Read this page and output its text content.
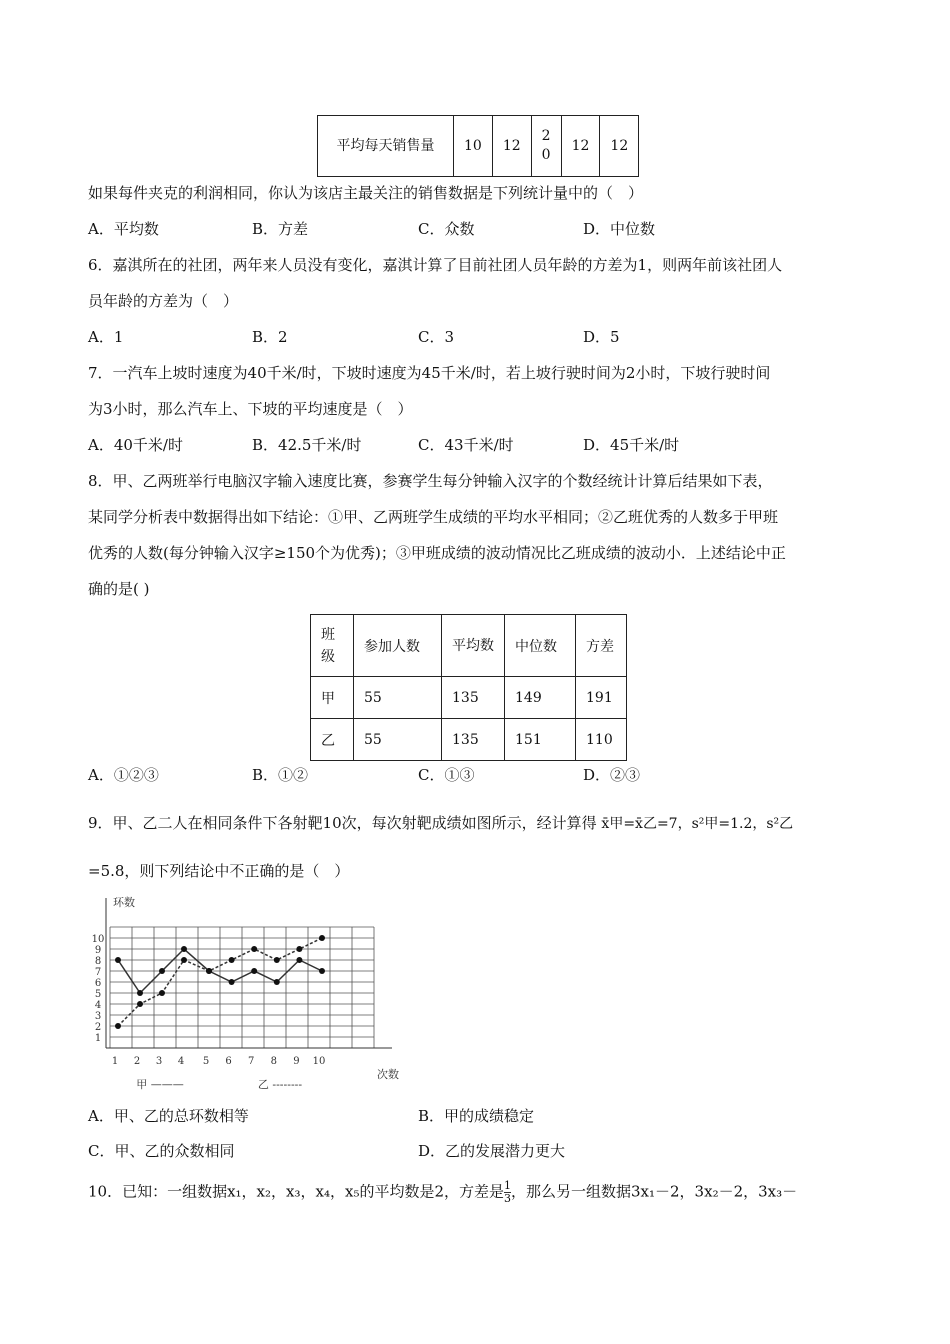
平均每天销售量	10	12	20	12	12
如果每件夹克的利润相同，你认为该店主最关注的销售数据是下列统计量中的（　）
A．平均数	B．方差	C．众数	D．中位数
6．嘉淇所在的社团，两年来人员没有变化，嘉淇计算了目前社团人员年龄的方差为1，则两年前该社团人
员年龄的方差为（　）
A．1	B．2	C．3	D．5
7．一汽车上坡时速度为40千米/时，下坡时速度为45千米/时，若上坡行驶时间为2小时，下坡行驶时间
为3小时，那么汽车上、下坡的平均速度是（　）
A．40千米/时	B．42.5千米/时	C．43千米/时	D．45千米/时
8．甲、乙两班举行电脑汉字输入速度比赛，参赛学生每分钟输入汉字的个数经统计计算后结果如下表，
某同学分析表中数据得出如下结论：①甲、乙两班学生成绩的平均水平相同；②乙班优秀的人数多于甲班
优秀的人数(每分钟输入汉字≥150个为优秀)；③甲班成绩的波动情况比乙班成绩的波动小．上述结论中正
确的是( )
班级	参加人数	平均数	中位数	方差
甲	55	135	149	191
乙	55	135	151	110
A．①②③	B．①②	C．①③	D．②③
9．甲、乙二人在相同条件下各射靶10次，每次射靶成绩如图所示，经计算得 x̄甲=x̄乙=7，s²甲=1.2，s²乙
=5.8，则下列结论中不正确的是（　）
环数
次数
1
2
3
4
5
6
7
8
9
10
1 2 3 4 5 6 7 8 9 10
甲 ———	乙 --------
A．甲、乙的总环数相等	B．甲的成绩稳定
C．甲、乙的众数相同	D．乙的发展潜力更大
10．已知：一组数据x₁，x₂，x₃，x₄，x₅的平均数是2，方差是 $\frac{1}{3}$ ，那么另一组数据3x₁－2，3x₂－2，3x₃－
